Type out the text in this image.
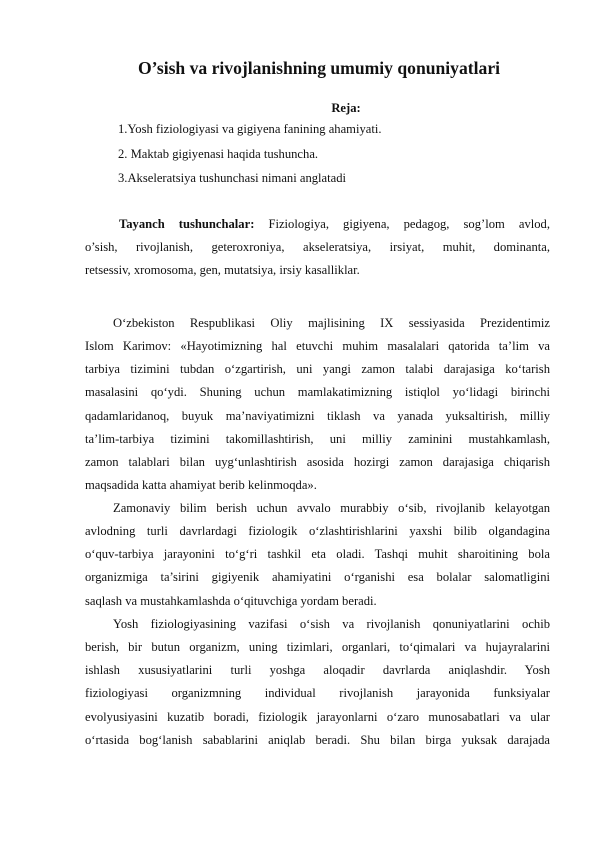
O’sish va rivojlanishning umumiy qonuniyatlari
Reja:
1.Yosh fiziologiyasi va gigiyena fanining ahamiyati.
2. Maktab gigiyenasi haqida tushuncha.
3.Akseleratsiya tushunchasi nimani anglatadi
Tayanch tushunchalar: Fiziologiya, gigiyena, pedagog, sog’lom avlod,
o’sish, rivojlanish, geteroxroniya, akseleratsiya, irsiyat, muhit, dominanta,
retsessiv, xromosoma, gen, mutatsiya, irsiy kasalliklar.
O‘zbekiston Respublikasi Oliy majlisining IX sessiyasida Prezidentimiz
Islom Karimov: «Hayotimizning hal etuvchi muhim masalalari qatorida ta’lim va
tarbiya tizimini tubdan o‘zgartirish, uni yangi zamon talabi darajasiga ko‘tarish
masalasini qo‘ydi. Shuning uchun mamlakatimizning istiqlol yo‘lidagi birinchi
qadamlaridanoq, buyuk ma’naviyatimizni tiklash va yanada yuksaltirish, milliy
ta’lim-tarbiya tizimini takomillashtirish, uni milliy zaminini mustahkamlash,
zamon talablari bilan uyg‘unlashtirish asosida hozirgi zamon darajasiga chiqarish
maqsadida katta ahamiyat berib kelinmoqda».
Zamonaviy bilim berish uchun avvalo murabbiy o‘sib, rivojlanib kelayotgan
avlodning turli davrlardagi fiziologik o‘zlashtirishlarini yaxshi bilib olgandagina
o‘quv-tarbiya jarayonini to‘g‘ri tashkil eta oladi. Tashqi muhit sharoitining bola
organizmiga ta’sirini gigiyenik ahamiyatini o‘rganishi esa bolalar salomatligini
saqlash va mustahkamlashda o‘qituvchiga yordam beradi.
Yosh fiziologiyasining vazifasi o‘sish va rivojlanish qonuniyatlarini ochib
berish, bir butun organizm, uning tizimlari, organlari, to‘qimalari va hujayralarini
ishlash xususiyatlarini turli yoshga aloqadir davrlarda aniqlashdir. Yosh
fiziologiyasi organizmning individual rivojlanish jarayonida funksiyalar
evolyusiyasini kuzatib boradi, fiziologik jarayonlarni o‘zaro munosabatlari va ular
o‘rtasida bog‘lanish sabablarini aniqlab beradi. Shu bilan birga yuksak darajada
